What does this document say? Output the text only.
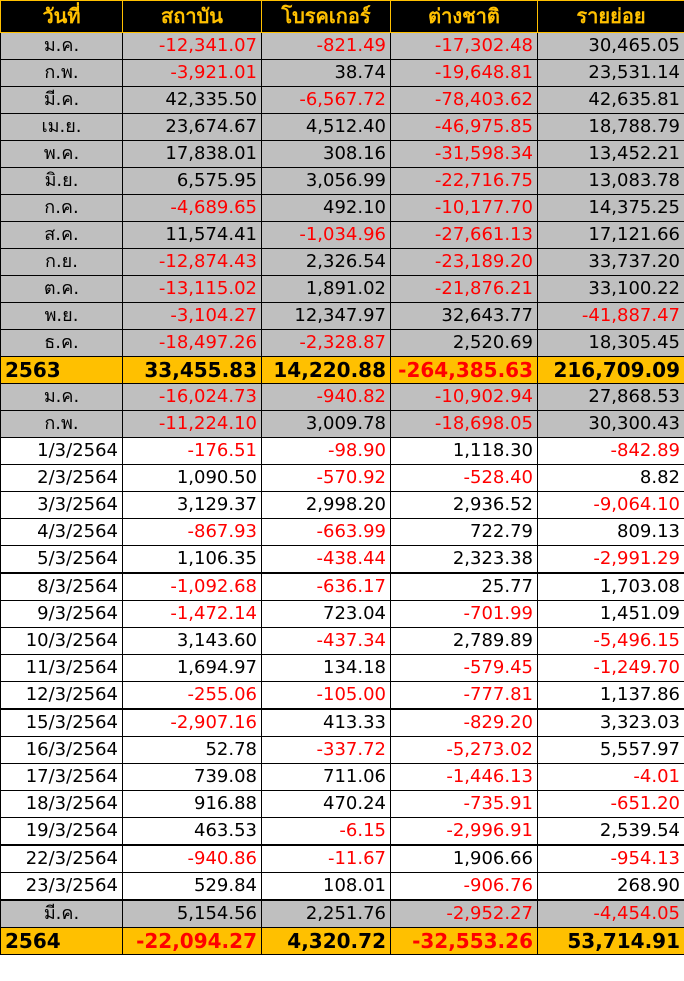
วันที่	สถาบัน	โบรคเกอร์	ต่างชาติ	รายย่อย
ม.ค.	-12,341.07	-821.49	-17,302.48	30,465.05
ก.พ.	-3,921.01	38.74	-19,648.81	23,531.14
มี.ค.	42,335.50	-6,567.72	-78,403.62	42,635.81
เม.ย.	23,674.67	4,512.40	-46,975.85	18,788.79
พ.ค.	17,838.01	308.16	-31,598.34	13,452.21
มิ.ย.	6,575.95	3,056.99	-22,716.75	13,083.78
ก.ค.	-4,689.65	492.10	-10,177.70	14,375.25
ส.ค.	11,574.41	-1,034.96	-27,661.13	17,121.66
ก.ย.	-12,874.43	2,326.54	-23,189.20	33,737.20
ต.ค.	-13,115.02	1,891.02	-21,876.21	33,100.22
พ.ย.	-3,104.27	12,347.97	32,643.77	-41,887.47
ธ.ค.	-18,497.26	-2,328.87	2,520.69	18,305.45
2563	33,455.83	14,220.88	-264,385.63	216,709.09
ม.ค.	-16,024.73	-940.82	-10,902.94	27,868.53
ก.พ.	-11,224.10	3,009.78	-18,698.05	30,300.43
1/3/2564	-176.51	-98.90	1,118.30	-842.89
2/3/2564	1,090.50	-570.92	-528.40	8.82
3/3/2564	3,129.37	2,998.20	2,936.52	-9,064.10
4/3/2564	-867.93	-663.99	722.79	809.13
5/3/2564	1,106.35	-438.44	2,323.38	-2,991.29
8/3/2564	-1,092.68	-636.17	25.77	1,703.08
9/3/2564	-1,472.14	723.04	-701.99	1,451.09
10/3/2564	3,143.60	-437.34	2,789.89	-5,496.15
11/3/2564	1,694.97	134.18	-579.45	-1,249.70
12/3/2564	-255.06	-105.00	-777.81	1,137.86
15/3/2564	-2,907.16	413.33	-829.20	3,323.03
16/3/2564	52.78	-337.72	-5,273.02	5,557.97
17/3/2564	739.08	711.06	-1,446.13	-4.01
18/3/2564	916.88	470.24	-735.91	-651.20
19/3/2564	463.53	-6.15	-2,996.91	2,539.54
22/3/2564	-940.86	-11.67	1,906.66	-954.13
23/3/2564	529.84	108.01	-906.76	268.90
มี.ค.	5,154.56	2,251.76	-2,952.27	-4,454.05
2564	-22,094.27	4,320.72	-32,553.26	53,714.91
